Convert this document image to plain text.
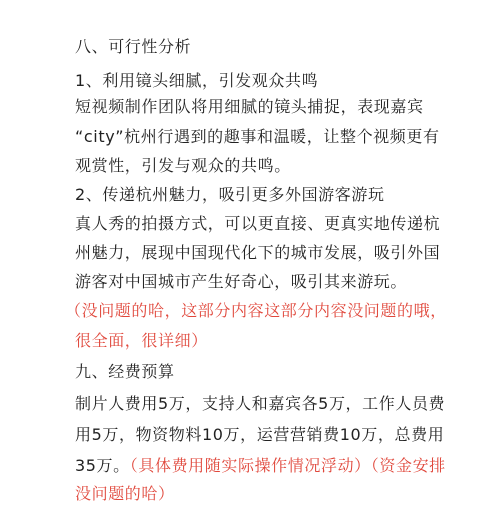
八、可行性分析
1、利用镜头细腻，引发观众共鸣
短视频制作团队将用细腻的镜头捕捉，表现嘉宾
“city”杭州行遇到的趣事和温暖，让整个视频更有
观赏性，引发与观众的共鸣。
2、传递杭州魅力，吸引更多外国游客游玩
真人秀的拍摄方式，可以更直接、更真实地传递杭
州魅力，展现中国现代化下的城市发展，吸引外国
游客对中国城市产生好奇心，吸引其来游玩。
（没问题的哈，这部分内容这部分内容没问题的哦，
很全面，很详细）
九、经费预算
制片人费用5万，支持人和嘉宾各5万，工作人员费
用5万，物资物料10万，运营营销费10万，总费用
35万。（具体费用随实际操作情况浮动）（资金安排
没问题的哈）
